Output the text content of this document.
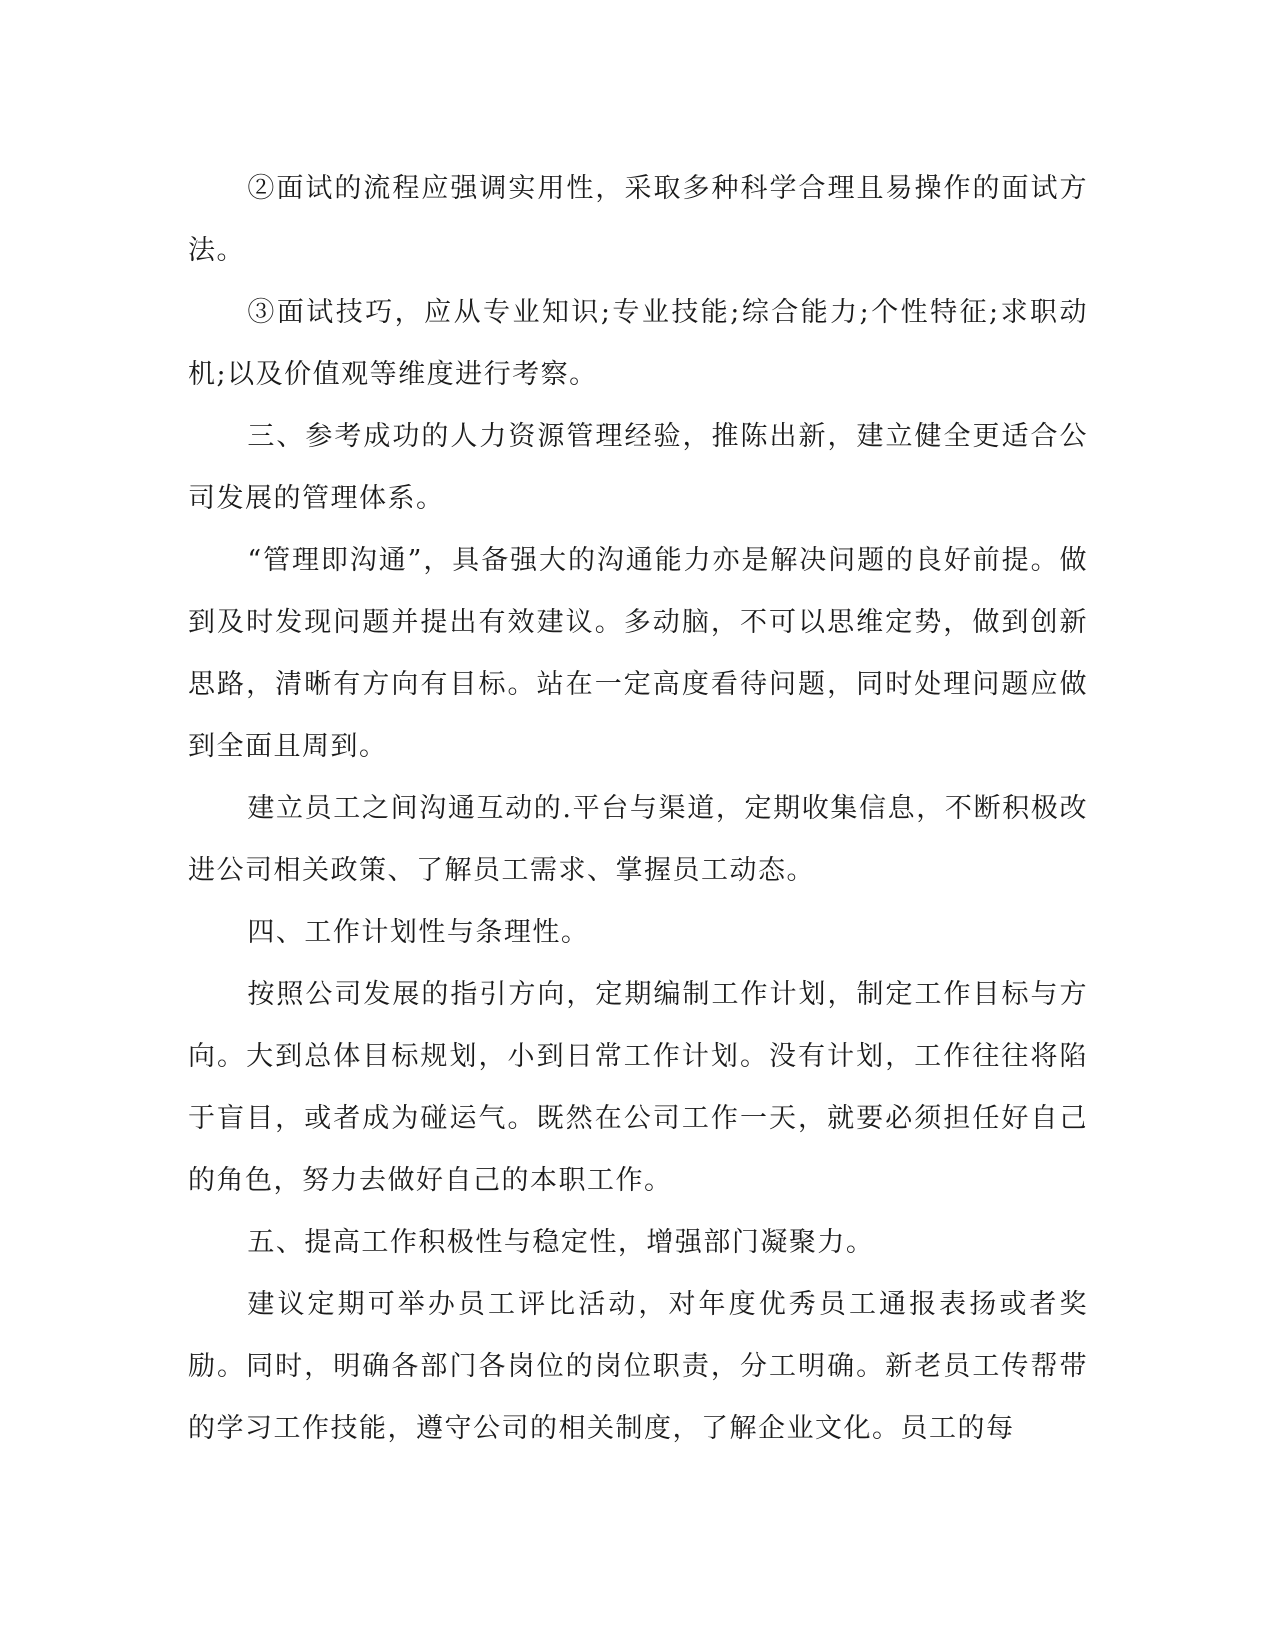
②面试的流程应强调实用性，采取多种科学合理且易操作的面试方法。

③面试技巧，应从专业知识;专业技能;综合能力;个性特征;求职动机;以及价值观等维度进行考察。

三、参考成功的人力资源管理经验，推陈出新，建立健全更适合公司发展的管理体系。

“管理即沟通”，具备强大的沟通能力亦是解决问题的良好前提。做到及时发现问题并提出有效建议。多动脑，不可以思维定势，做到创新思路，清晰有方向有目标。站在一定高度看待问题，同时处理问题应做到全面且周到。

建立员工之间沟通互动的.平台与渠道，定期收集信息，不断积极改进公司相关政策、了解员工需求、掌握员工动态。

四、工作计划性与条理性。

按照公司发展的指引方向，定期编制工作计划，制定工作目标与方向。大到总体目标规划，小到日常工作计划。没有计划，工作往往将陷于盲目，或者成为碰运气。既然在公司工作一天，就要必须担任好自己的角色，努力去做好自己的本职工作。

五、提高工作积极性与稳定性，增强部门凝聚力。

建议定期可举办员工评比活动，对年度优秀员工通报表扬或者奖励。同时，明确各部门各岗位的岗位职责，分工明确。新老员工传帮带的学习工作技能，遵守公司的相关制度，了解企业文化。员工的每
